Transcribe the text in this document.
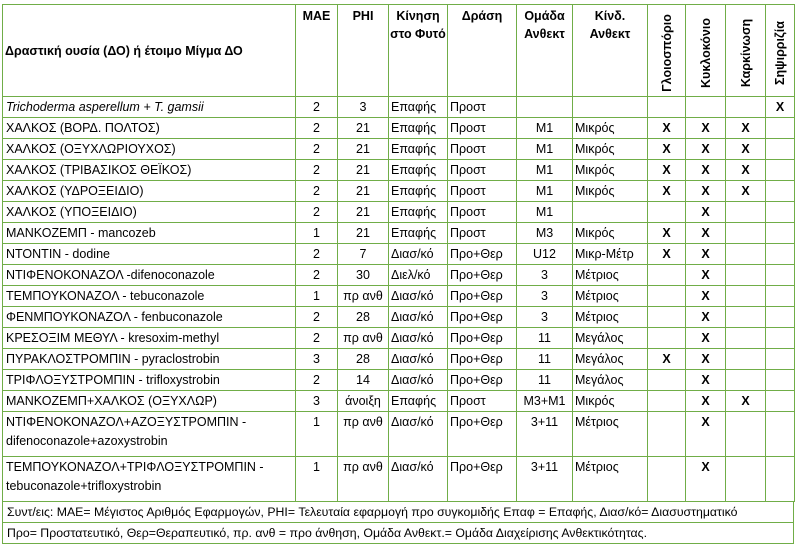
Δραστική ουσία (ΔΟ) ή έτοιμο Μίγμα ΔΟ	ΜΑΕ	PHI	Κίνηση στο Φυτό	Δράση	Ομάδα Ανθεκτ	Κίνδ. Ανθεκτ	Γλοιοσπόριο	Κυκλοκόνιο	Καρκίνωση	Σηψιρριζία

Trichoderma asperellum + T. gamsii	2	3	Επαφής	Προστ						X
ΧΑΛΚΟΣ (ΒΟΡΔ. ΠΟΛΤΟΣ)	2	21	Επαφής	Προστ	M1	Μικρός	X	X	X	
ΧΑΛΚΟΣ (ΟΞΥΧΛΩΡΙΟΥΧΟΣ)	2	21	Επαφής	Προστ	M1	Μικρός	X	X	X	
ΧΑΛΚΟΣ (ΤΡΙΒΑΣΙΚΟΣ ΘΕΪΚΟΣ)	2	21	Επαφής	Προστ	M1	Μικρός	X	X	X	
ΧΑΛΚΟΣ (ΥΔΡΟΞΕΙΔΙΟ)	2	21	Επαφής	Προστ	M1	Μικρός	X	X	X	
ΧΑΛΚΟΣ (ΥΠΟΞΕΙΔΙΟ)	2	21	Επαφής	Προστ	M1			X		
ΜΑΝΚΟΖΕΜΠ - mancozeb	1	21	Επαφής	Προστ	M3	Μικρός	X	X		
ΝΤΟΝΤΙΝ - dodine	2	7	Διασ/κό	Προ+Θερ	U12	Μικρ-Μέτρ	X	X		
ΝΤΙΦΕΝΟΚΟΝΑΖΟΛ -difenoconazole	2	30	Διελ/κό	Προ+Θερ	3	Μέτριος		X		
ΤΕΜΠΟΥΚΟΝΑΖΟΛ - tebuconazole	1	πρ ανθ	Διασ/κό	Προ+Θερ	3	Μέτριος		X		
ΦΕΝΜΠΟΥΚΟΝΑΖΟΛ - fenbuconazole	2	28	Διασ/κό	Προ+Θερ	3	Μέτριος		X		
ΚΡΕΣΟΞΙΜ ΜΕΘΥΛ - kresoxim-methyl	2	πρ ανθ	Διασ/κό	Προ+Θερ	11	Μεγάλος		X		
ΠΥΡΑΚΛΟΣΤΡΟΜΠΙΝ - pyraclostrobin	3	28	Διασ/κό	Προ+Θερ	11	Μεγάλος	X	X		
ΤΡΙΦΛΟΞΥΣΤΡΟΜΠΙΝ - trifloxystrobin	2	14	Διασ/κό	Προ+Θερ	11	Μεγάλος		X		
ΜΑΝΚΟΖΕΜΠ+ΧΑΛΚΟΣ (ΟΞΥΧΛΩΡ)	3	άνοιξη	Επαφής	Προστ	M3+M1	Μικρός		X	X	
ΝΤΙΦΕΝΟΚΟΝΑΖΟΛ+ΑΖΟΞΥΣΤΡΟΜΠΙΝ - difenoconazole+azoxystrobin	1	πρ ανθ	Διασ/κό	Προ+Θερ	3+11	Μέτριος		X		
ΤΕΜΠΟΥΚΟΝΑΖΟΛ+ΤΡΙΦΛΟΞΥΣΤΡΟΜΠΙΝ - tebuconazole+trifloxystrobin	1	πρ ανθ	Διασ/κό	Προ+Θερ	3+11	Μέτριος		X		
Συντ/εις: ΜΑΕ= Μέγιστος Αριθμός Εφαρμογών, PHI= Τελευταία εφαρμογή προ συγκομιδής Επαφ = Επαφής, Διασ/κό= Διασυστηματικό
Προ= Προστατευτικό, Θερ=Θεραπευτικό, πρ. ανθ = προ άνθηση, Ομάδα Ανθεκτ.= Ομάδα Διαχείρισης Ανθεκτικότητας.
